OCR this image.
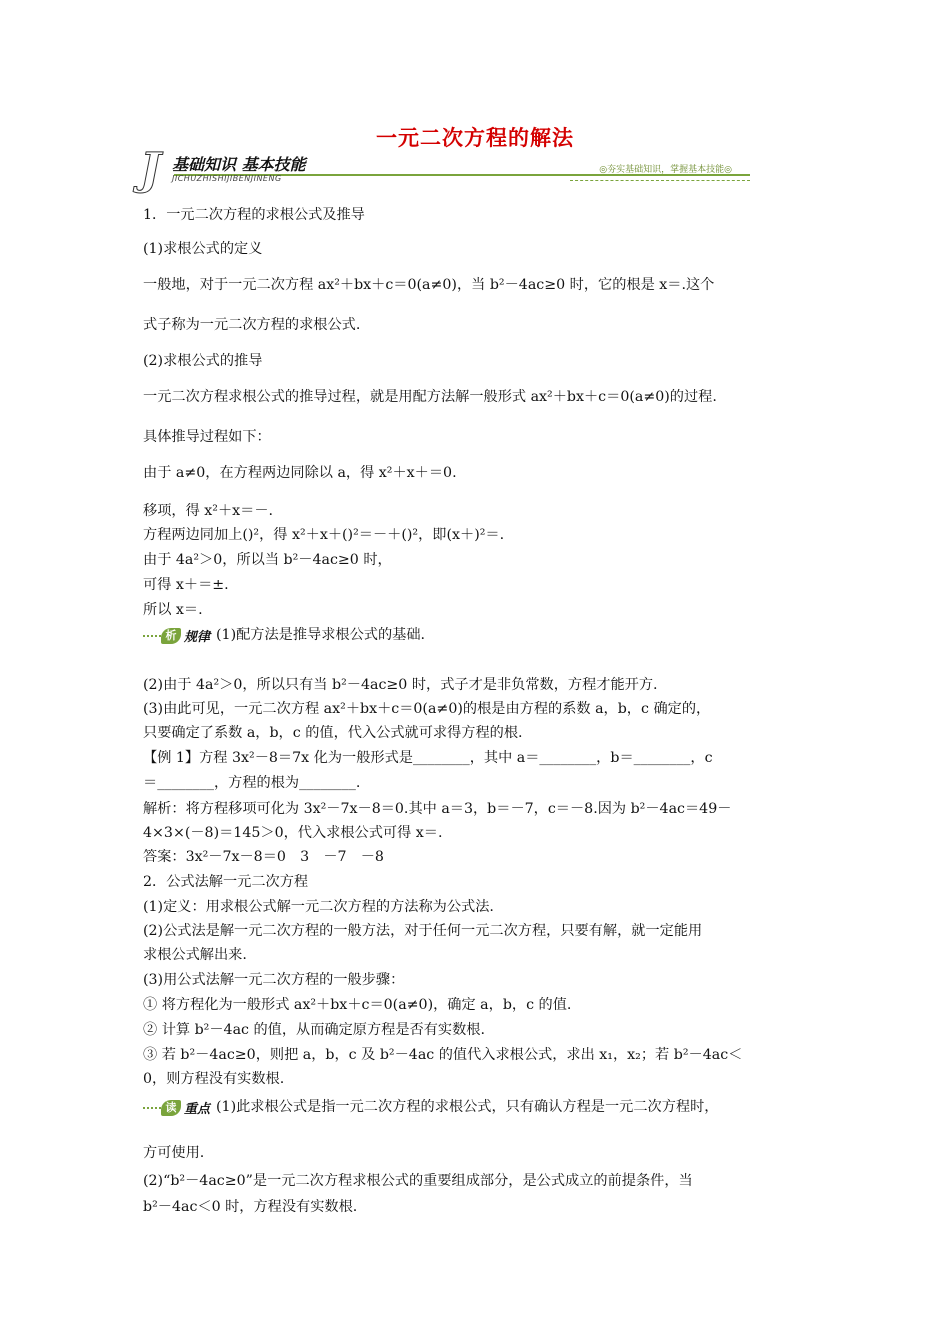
一元二次方程的解法
J 基础知识 基本技能
JICHUZHISHIJIBENJINENG
◎夯实基础知识，掌握基本技能◎
1．一元二次方程的求根公式及推导
(1)求根公式的定义
一般地，对于一元二次方程 ax²＋bx＋c＝0(a≠0)，当 b²－4ac≥0 时，它的根是 x＝.这个
式子称为一元二次方程的求根公式.
(2)求根公式的推导
一元二次方程求根公式的推导过程，就是用配方法解一般形式 ax²＋bx＋c＝0(a≠0)的过程.
具体推导过程如下：
由于 a≠0，在方程两边同除以 a，得 x²＋x＋＝0.
移项，得 x²＋x＝－.
方程两边同加上()²，得 x²＋x＋()²＝－＋()²，即(x＋)²＝.
由于 4a²＞0，所以当 b²－4ac≥0 时，
可得 x＋＝±.
所以 x＝.
析 规律 (1)配方法是推导求根公式的基础.
(2)由于 4a²＞0，所以只有当 b²－4ac≥0 时，式子才是非负常数，方程才能开方.
(3)由此可见，一元二次方程 ax²＋bx＋c＝0(a≠0)的根是由方程的系数 a，b，c 确定的，
只要确定了系数 a，b，c 的值，代入公式就可求得方程的根.
【例 1】方程 3x²－8＝7x 化为一般形式是________，其中 a＝________，b＝________，c
＝________，方程的根为________.
解析：将方程移项可化为 3x²－7x－8＝0.其中 a＝3，b＝－7，c＝－8.因为 b²－4ac＝49－
4×3×(－8)＝145＞0，代入求根公式可得 x＝.
答案：3x²－7x－8＝0　3　－7　－8
2．公式法解一元二次方程
(1)定义：用求根公式解一元二次方程的方法称为公式法.
(2)公式法是解一元二次方程的一般方法，对于任何一元二次方程，只要有解，就一定能用
求根公式解出来.
(3)用公式法解一元二次方程的一般步骤：
① 将方程化为一般形式 ax²＋bx＋c＝0(a≠0)，确定 a，b，c 的值.
② 计算 b²－4ac 的值，从而确定原方程是否有实数根.
③ 若 b²－4ac≥0，则把 a，b，c 及 b²－4ac 的值代入求根公式，求出 x₁，x₂；若 b²－4ac＜
0，则方程没有实数根.
读 重点 (1)此求根公式是指一元二次方程的求根公式，只有确认方程是一元二次方程时，
方可使用.
(2)“b²－4ac≥0”是一元二次方程求根公式的重要组成部分，是公式成立的前提条件，当
b²－4ac＜0 时，方程没有实数根.
